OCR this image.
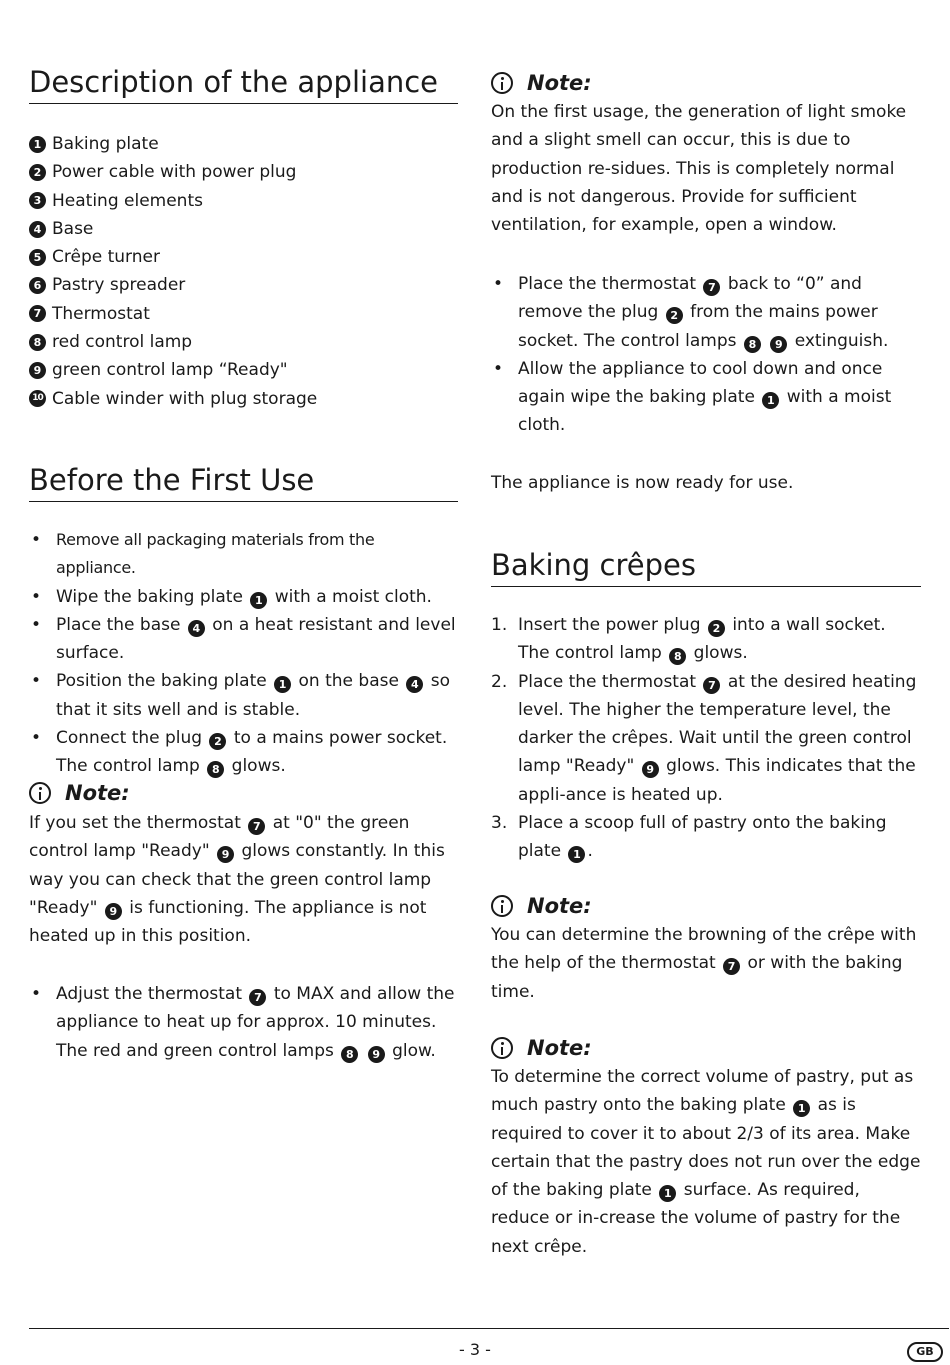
Description of the appliance
1 Baking plate
2 Power cable with power plug
3 Heating elements
4 Base
5 Crêpe turner
6 Pastry spreader
7 Thermostat
8 red control lamp
9 green control lamp “Ready"
10 Cable winder with plug storage
Before the First Use
• Remove all packaging materials from the appliance.
• Wipe the baking plate 1 with a moist cloth.
• Place the base 4 on a heat resistant and level surface.
• Position the baking plate 1 on the base 4 so that it sits well and is stable.
• Connect the plug 2 to a mains power socket. The control lamp 8 glows.
Note:

If you set the thermostat 7 at "0" the green control lamp "Ready" 9 glows constantly. In this way you can check that the green control lamp "Ready" 9 is functioning. The appliance is not heated up in this position.

• Adjust the thermostat 7 to MAX and allow the appliance to heat up for approx. 10 minutes. The red and green control lamps 8 9 glow.
Note:

On the first usage, the generation of light smoke and a slight smell can occur, this is due to production re-sidues. This is completely normal and is not dangerous. Provide for sufficient ventilation, for example, open a window.

• Place the thermostat 7 back to “0” and remove the plug 2 from the mains power socket. The control lamps 8 9 extinguish.
• Allow the appliance to cool down and once again wipe the baking plate 1 with a moist cloth.

The appliance is now ready for use.

Baking crêpes
1. Insert the power plug 2 into a wall socket. The control lamp 8 glows.
2. Place the thermostat 7 at the desired heating level. The higher the temperature level, the darker the crêpes. Wait until the green control lamp "Ready" 9 glows. This indicates that the appli-ance is heated up.
3. Place a scoop full of pastry onto the baking plate 1 .
Note:

You can determine the browning of the crêpe with the help of the thermostat 7 or with the baking time.

Note:

To determine the correct volume of pastry, put as much pastry onto the baking plate 1 as is required to cover it to about 2/3 of its area. Make certain that the pastry does not run over the edge of the baking plate 1 surface. As required, reduce or in-crease the volume of pastry for the next crêpe.

- 3 -	GB
